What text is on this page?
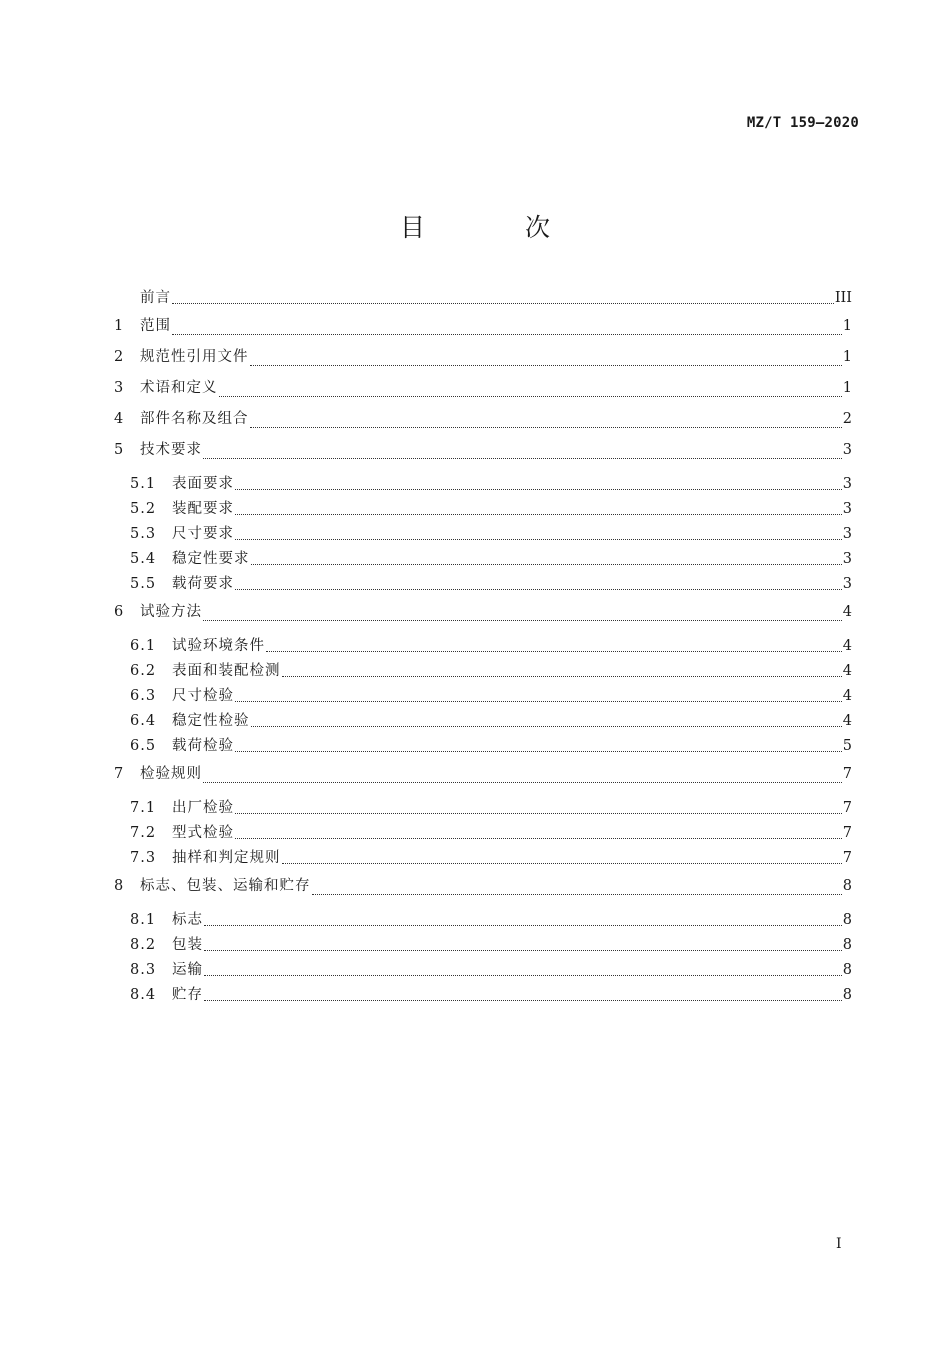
MZ/T 159—2020
目 次
前言	III
1	范围	1
2	规范性引用文件	1
3	术语和定义	1
4	部件名称及组合	2
5	技术要求	3
5.1	表面要求	3
5.2	装配要求	3
5.3	尺寸要求	3
5.4	稳定性要求	3
5.5	载荷要求	3
6	试验方法	4
6.1	试验环境条件	4
6.2	表面和装配检测	4
6.3	尺寸检验	4
6.4	稳定性检验	4
6.5	载荷检验	5
7	检验规则	7
7.1	出厂检验	7
7.2	型式检验	7
7.3	抽样和判定规则	7
8	标志、包装、运输和贮存	8
8.1	标志	8
8.2	包装	8
8.3	运输	8
8.4	贮存	8
I
